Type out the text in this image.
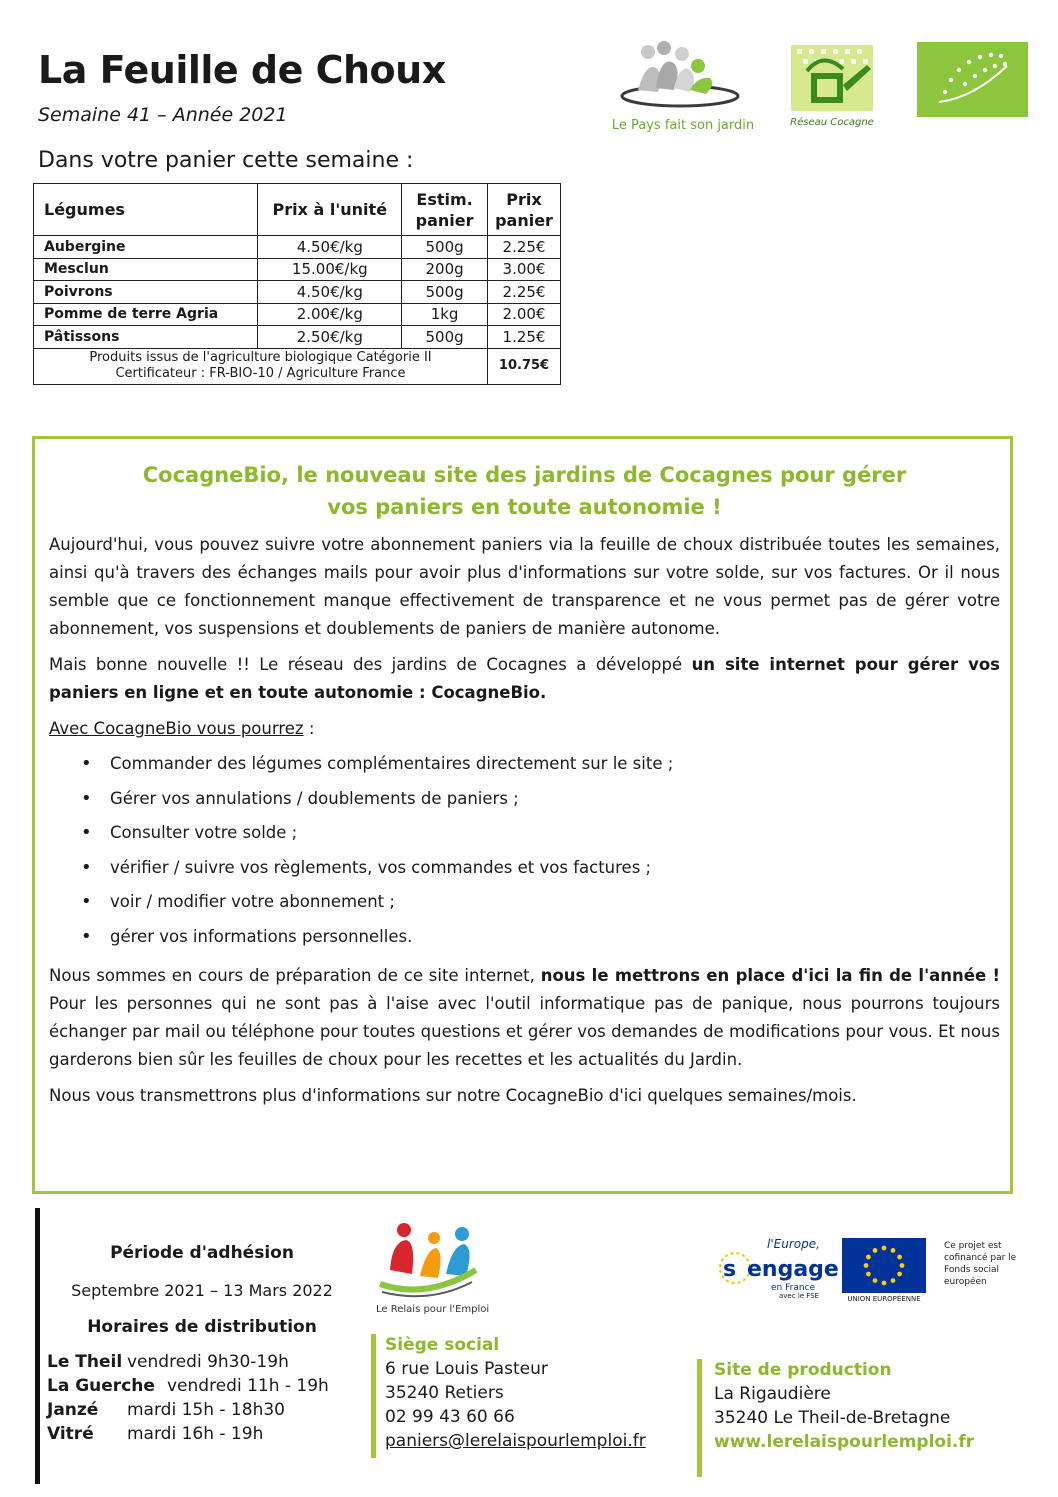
La Feuille de Choux
Semaine 41 – Année 2021
Dans votre panier cette semaine :
Le Pays fait son jardin	Réseau Cocagne
Légumes	Prix à l'unité	Estim. panier	Prix panier
Aubergine	4.50€/kg	500g	2.25€
Mesclun	15.00€/kg	200g	3.00€
Poivrons	4.50€/kg	500g	2.25€
Pomme de terre Agria	2.00€/kg	1kg	2.00€
Pâtissons	2.50€/kg	500g	1.25€

Produits issus de l'agriculture biologique Catégorie II
Certificateur : FR-BIO-10 / Agriculture France			10.75€
CocagneBio, le nouveau site des jardins de Cocagnes pour gérer
vos paniers en toute autonomie !

Aujourd'hui, vous pouvez suivre votre abonnement paniers via la feuille de choux distribuée toutes les semaines, ainsi qu'à travers des échanges mails pour avoir plus d'informations sur votre solde, sur vos factures. Or il nous semble que ce fonctionnement manque effectivement de transparence et ne vous permet pas de gérer votre abonnement, vos suspensions et doublements de paniers de manière autonome.

Mais bonne nouvelle !! Le réseau des jardins de Cocagnes a développé un site internet pour gérer vos paniers en ligne et en toute autonomie : CocagneBio.

Avec CocagneBio vous pourrez :

• Commander des légumes complémentaires directement sur le site ;
• Gérer vos annulations / doublements de paniers ;
• Consulter votre solde ;
• vérifier / suivre vos règlements, vos commandes et vos factures ;
• voir / modifier votre abonnement ;
• gérer vos informations personnelles.

Nous sommes en cours de préparation de ce site internet, nous le mettrons en place d'ici la fin de l'année ! Pour les personnes qui ne sont pas à l'aise avec l'outil informatique pas de panique, nous pourrons toujours échanger par mail ou téléphone pour toutes questions et gérer vos demandes de modifications pour vous. Et nous garderons bien sûr les feuilles de choux pour les recettes et les actualités du Jardin.

Nous vous transmettrons plus d'informations sur notre CocagneBio d'ici quelques semaines/mois.

Période d'adhésion
Septembre 2021 – 13 Mars 2022
Horaires de distribution
Le Theil vendredi 9h30-19h
La Guerche vendredi 11h - 19h
Janzé mardi 15h - 18h30
Vitré mardi 16h - 19h
Le Relais pour l'Emploi
Siège social
6 rue Louis Pasteur
35240 Retiers
02 99 43 60 66
paniers@lerelaispourlemploi.fr
l'Europe,
s engage
en France
avec le FSE	UNION EUROPÉENNE
Ce projet est cofinancé par le Fonds social européen
Site de production
La Rigaudière
35240 Le Theil-de-Bretagne
www.lerelaispourlemploi.fr
